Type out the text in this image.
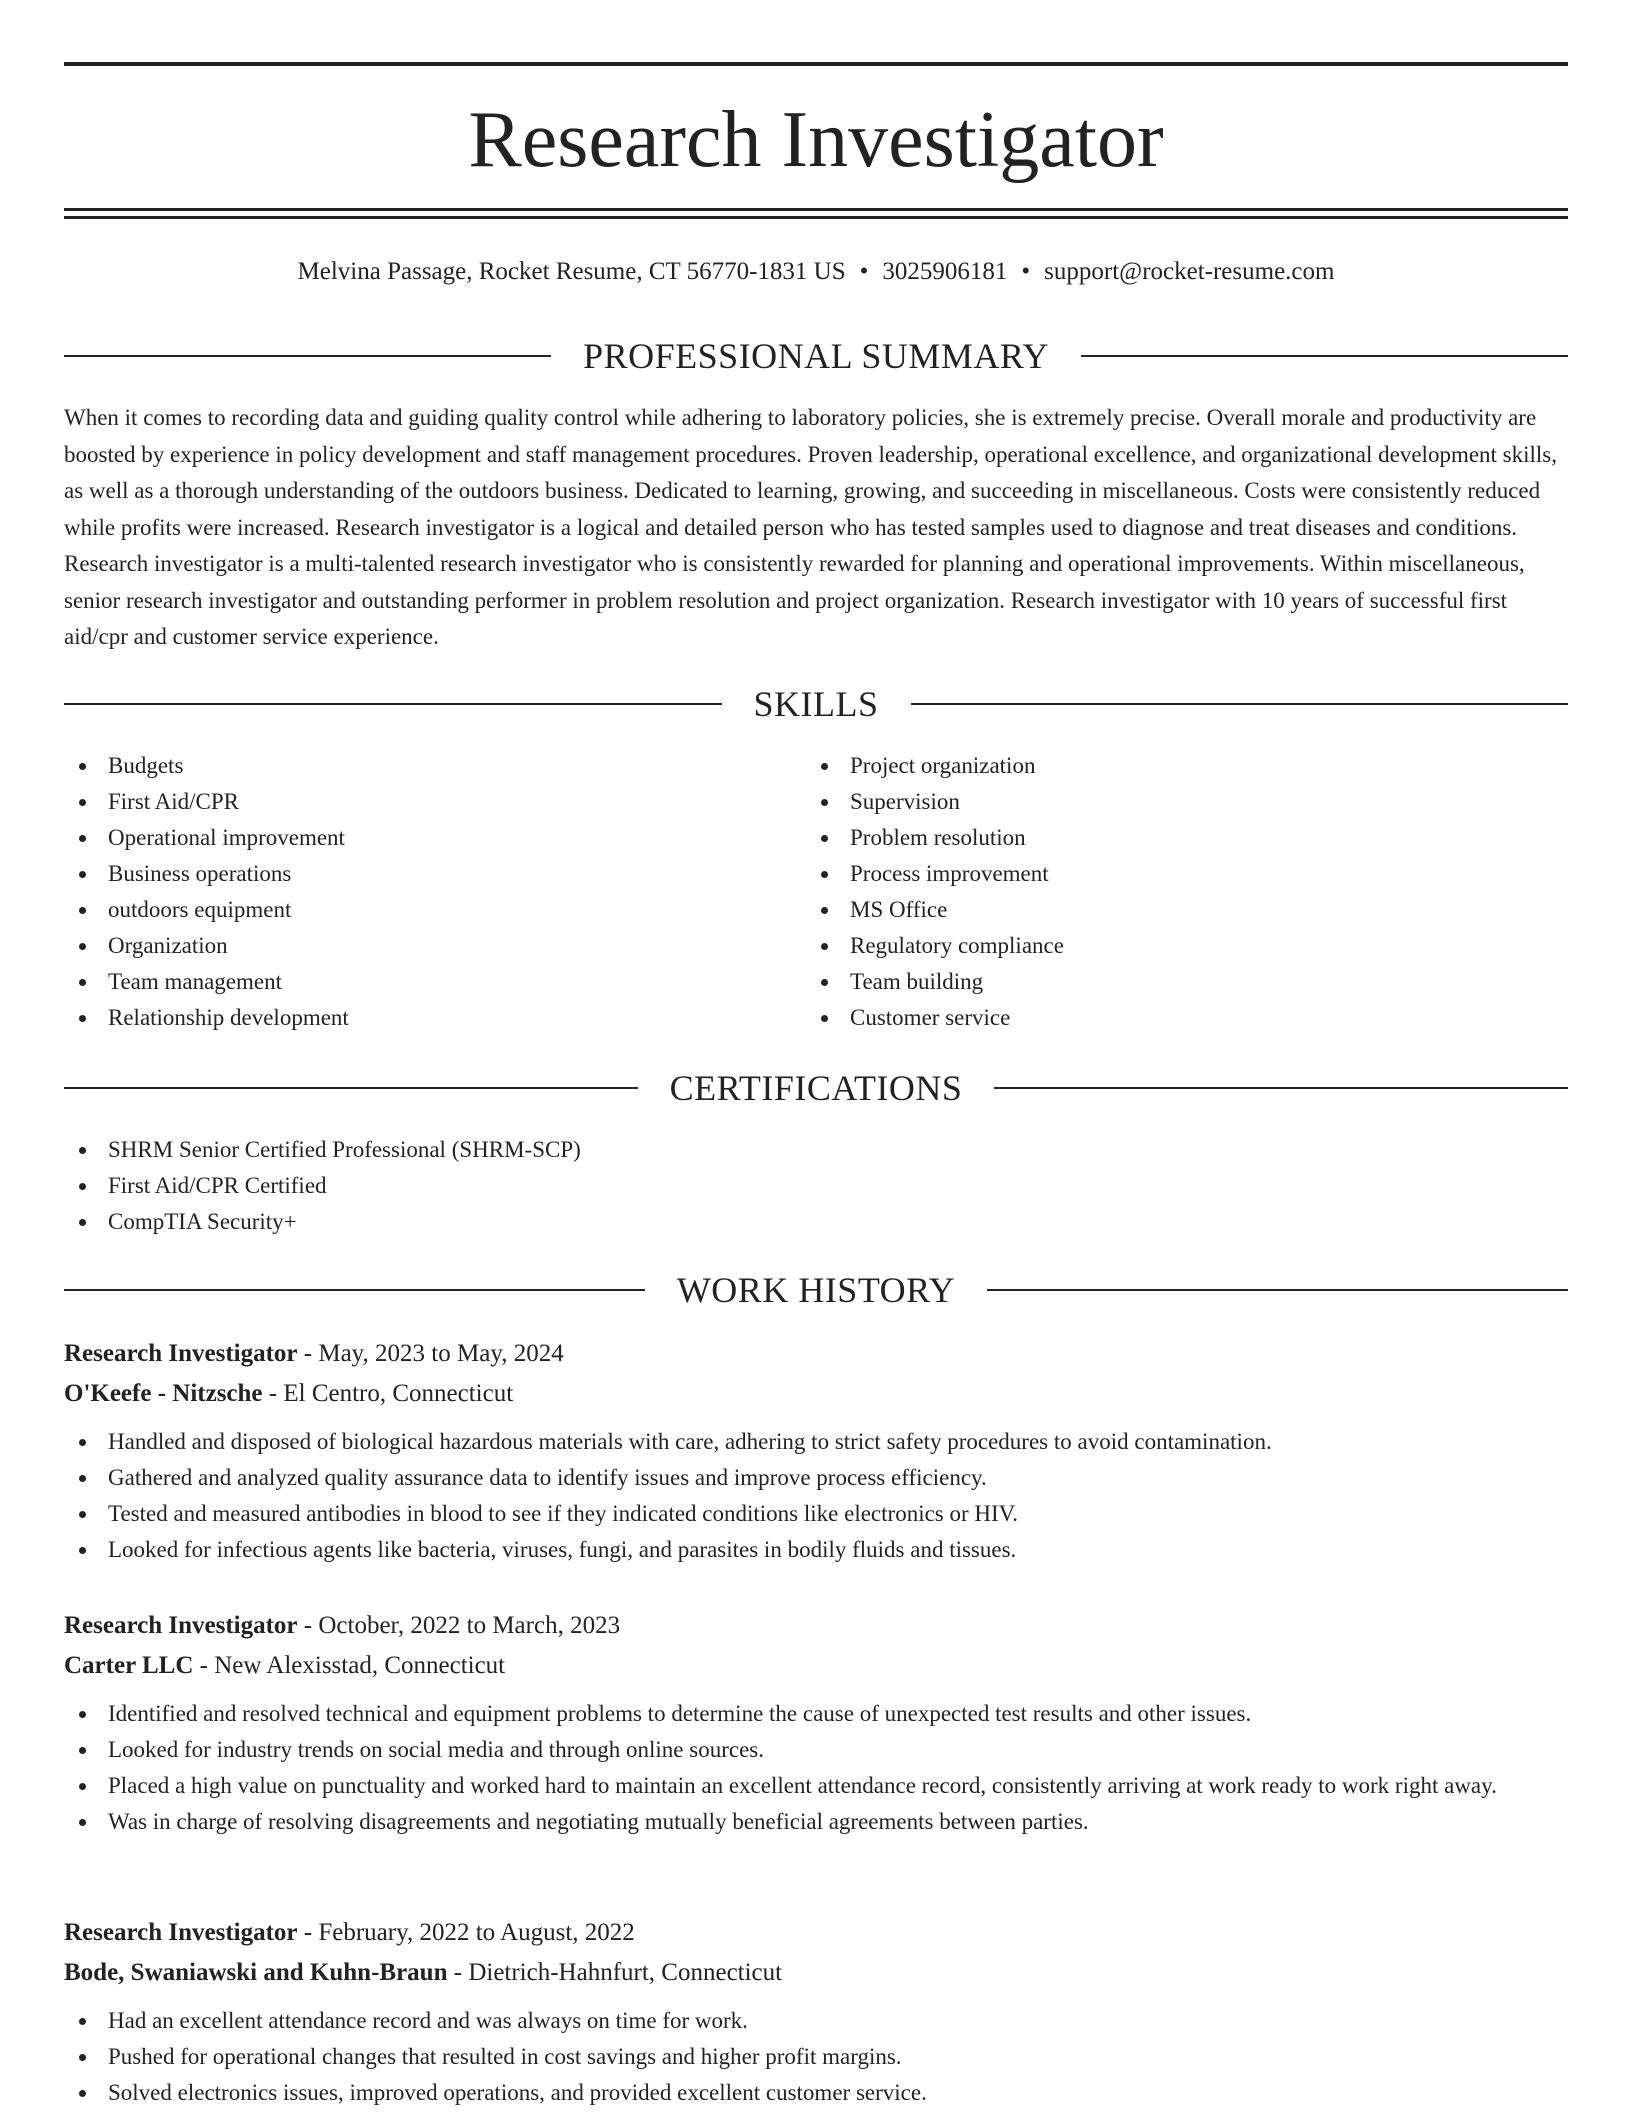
Research Investigator
Melvina Passage, Rocket Resume, CT 56770-1831 US • 3025906181 • support@rocket-resume.com
PROFESSIONAL SUMMARY

When it comes to recording data and guiding quality control while adhering to laboratory policies, she is extremely precise. Overall morale and productivity are boosted by experience in policy development and staff management procedures. Proven leadership, operational excellence, and organizational development skills, as well as a thorough understanding of the outdoors business. Dedicated to learning, growing, and succeeding in miscellaneous. Costs were consistently reduced while profits were increased. Research investigator is a logical and detailed person who has tested samples used to diagnose and treat diseases and conditions. Research investigator is a multi-talented research investigator who is consistently rewarded for planning and operational improvements. Within miscellaneous, senior research investigator and outstanding performer in problem resolution and project organization. Research investigator with 10 years of successful first aid/cpr and customer service experience.

SKILLS
Budgets
First Aid/CPR
Operational improvement
Business operations
outdoors equipment
Organization
Team management
Relationship development
Project organization
Supervision
Problem resolution
Process improvement
MS Office
Regulatory compliance
Team building
Customer service
CERTIFICATIONS
SHRM Senior Certified Professional (SHRM-SCP)
First Aid/CPR Certified
CompTIA Security+
WORK HISTORY
Research Investigator - May, 2023 to May, 2024
O'Keefe - Nitzsche - El Centro, Connecticut
Handled and disposed of biological hazardous materials with care, adhering to strict safety procedures to avoid contamination.
Gathered and analyzed quality assurance data to identify issues and improve process efficiency.
Tested and measured antibodies in blood to see if they indicated conditions like electronics or HIV.
Looked for infectious agents like bacteria, viruses, fungi, and parasites in bodily fluids and tissues.
Research Investigator - October, 2022 to March, 2023
Carter LLC - New Alexisstad, Connecticut
Identified and resolved technical and equipment problems to determine the cause of unexpected test results and other issues.
Looked for industry trends on social media and through online sources.
Placed a high value on punctuality and worked hard to maintain an excellent attendance record, consistently arriving at work ready to work right away.
Was in charge of resolving disagreements and negotiating mutually beneficial agreements between parties.
Research Investigator - February, 2022 to August, 2022
Bode, Swaniawski and Kuhn-Braun - Dietrich-Hahnfurt, Connecticut
Had an excellent attendance record and was always on time for work.
Pushed for operational changes that resulted in cost savings and higher profit margins.
Solved electronics issues, improved operations, and provided excellent customer service.
